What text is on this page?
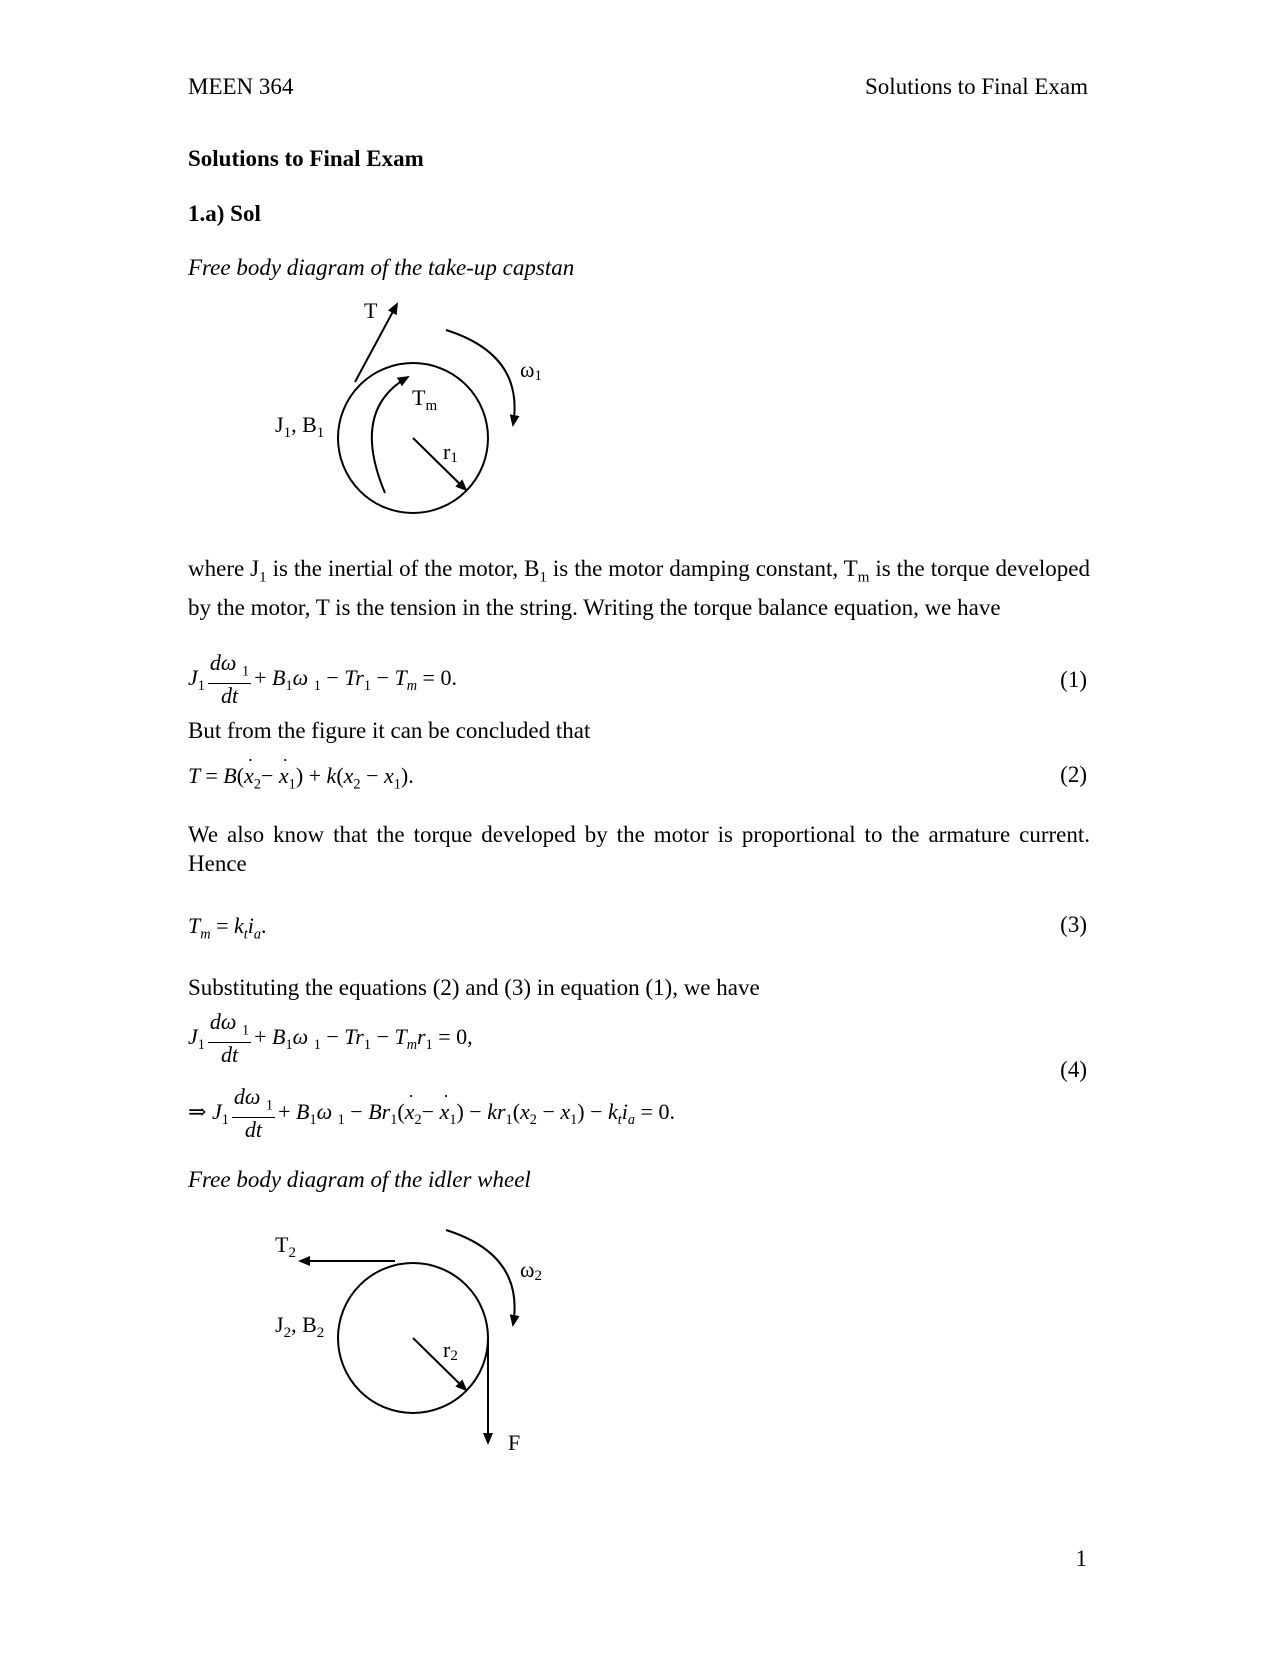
MEEN 364	Solutions to Final Exam
Solutions to Final Exam
1.a) Sol
Free body diagram of the take-up capstan
T
ω1
$T_m$
$J_1$, $B_1$
r1
$T_2$
ω2
$J_2$, $B_2$
r2
F
where $J_1$ is the inertial of the motor, $B_1$ is the motor damping constant, $T_m$ is the torque developed by the motor, T is the tension in the string. Writing the torque balance equation, we have
$J_1 \frac{d\omega _1}{dt} + B_1\omega$ $_1 - Tr_1 - T_m = 0$.	(1)
But from the figure it can be concluded that
$T = B(\cdot x_2- \cdot x_1) + k(x_2 - x_1)$.	(2)
We also know that the torque developed by the motor is proportional to the armature current. Hence
$T_m = k_ti_a$.	(3)
Substituting the equations (2) and (3) in equation (1), we have
$J_1 \frac{d\omega _1}{dt} + B_1\omega$ $_1 - Tr_1 - T_mr_1 = 0$,
⇒ $J_1 \frac{d\omega _1}{dt} + B_1\omega$ $_1 - Br_1(\cdot x_2- \cdot x_1) - kr_1(x_2 - x_1) - k_ti_a = 0$.
(4)
Free body diagram of the idler wheel
1
